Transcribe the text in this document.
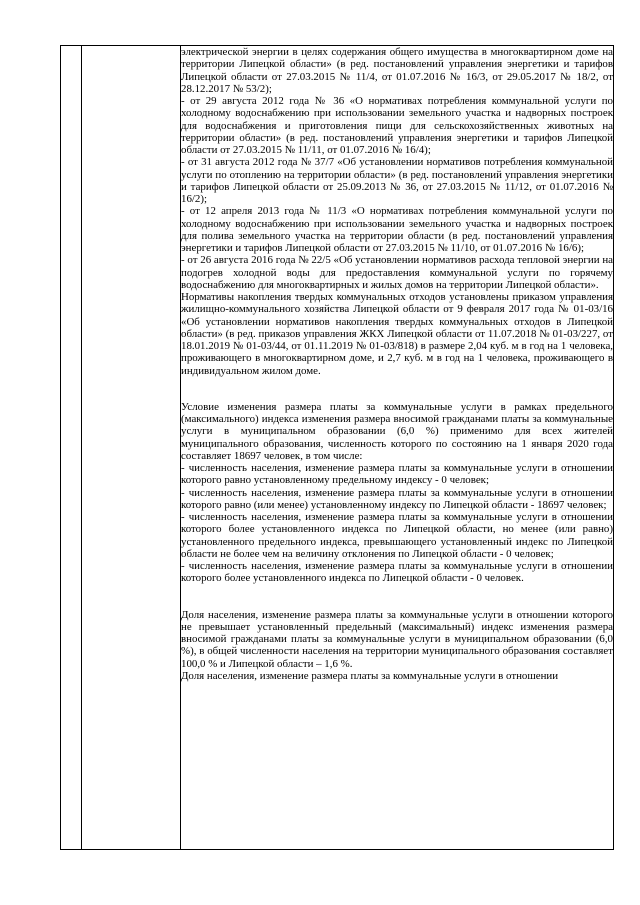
электрической энергии в целях содержания общего имущества в многоквартирном доме на территории Липецкой области» (в ред. постановлений управления энергетики и тарифов Липецкой области от 27.03.2015 № 11/4, от 01.07.2016 № 16/3, от 29.05.2017 № 18/2, от 28.12.2017 № 53/2);

- от 29 августа 2012 года № 36 «О нормативах потребления коммунальной услуги по холодному водоснабжению при использовании земельного участка и надворных построек для водоснабжения и приготовления пищи для сельскохозяйственных животных на территории области» (в ред. постановлений управления энергетики и тарифов Липецкой области от 27.03.2015 № 11/11, от 01.07.2016 № 16/4);

- от 31 августа 2012 года № 37/7 «Об установлении нормативов потребления коммунальной услуги по отоплению на территории области» (в ред. постановлений управления энергетики и тарифов Липецкой области от 25.09.2013 № 36, от 27.03.2015 № 11/12, от 01.07.2016 № 16/2);

- от 12 апреля 2013 года № 11/3 «О нормативах потребления коммунальной услуги по холодному водоснабжению при использовании земельного участка и надворных построек для полива земельного участка на территории области (в ред. постановлений управления энергетики и тарифов Липецкой области от 27.03.2015 № 11/10, от 01.07.2016 № 16/6);

- от 26 августа 2016 года № 22/5 «Об установлении нормативов расхода тепловой энергии на подогрев холодной воды для предоставления коммунальной услуги по горячему водоснабжению для многоквартирных и жилых домов на территории Липецкой области».

Нормативы накопления твердых коммунальных отходов установлены приказом управления жилищно-коммунального хозяйства Липецкой области от 9 февраля 2017 года № 01-03/16 «Об установлении нормативов накопления твердых коммунальных отходов в Липецкой области» (в ред. приказов управления ЖКХ Липецкой области от 11.07.2018 № 01-03/227, от 18.01.2019 № 01-03/44, от 01.11.2019 № 01-03/818) в размере 2,04 куб. м в год на 1 человека, проживающего в многоквартирном доме, и 2,7 куб. м в год на 1 человека, проживающего в индивидуальном жилом доме.

Условие изменения размера платы за коммунальные услуги в рамках предельного (максимального) индекса изменения размера вносимой гражданами платы за коммунальные услуги в муниципальном образовании (6,0 %) применимо для всех жителей муниципального образования, численность которого по состоянию на 1 января 2020 года составляет 18697 человек, в том числе:

- численность населения, изменение размера платы за коммунальные услуги в отношении которого равно установленному предельному индексу - 0 человек;

- численность населения, изменение размера платы за коммунальные услуги в отношении которого равно (или менее) установленному индексу по Липецкой области - 18697 человек;

- численность населения, изменение размера платы за коммунальные услуги в отношении которого более установленного индекса по Липецкой области, но менее (или равно) установленного предельного индекса, превышающего установленный индекс по Липецкой области не более чем на величину отклонения по Липецкой области - 0 человек;

- численность населения, изменение размера платы за коммунальные услуги в отношении которого более установленного индекса по Липецкой области - 0 человек.

Доля населения, изменение размера платы за коммунальные услуги в отношении которого не превышает установленный предельный (максимальный) индекс изменения размера вносимой гражданами платы за коммунальные услуги в муниципальном образовании (6,0 %), в общей численности населения на территории муниципального образования составляет 100,0 % и Липецкой области – 1,6 %.

Доля населения, изменение размера платы за коммунальные услуги в отношении
